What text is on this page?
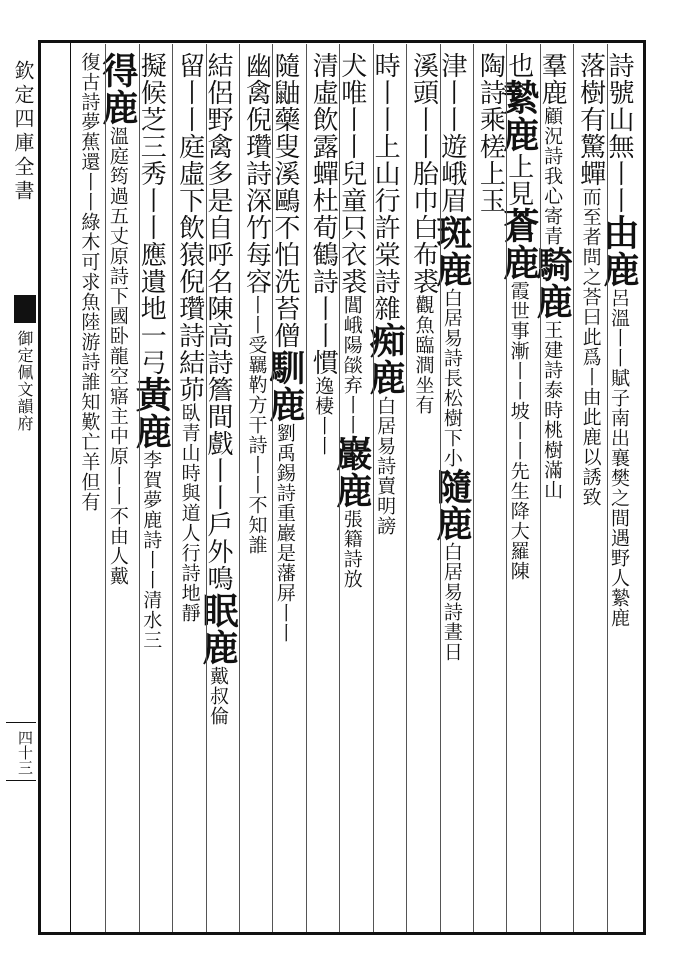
欽定四庫全書
御定佩文韻府
四十三
詩號山無丨丨由鹿呂溫丨丨賦子南出襄樊之間遇野人縶鹿
落樹有驚蟬而至者問之荅曰此爲丨由此鹿以誘致
羣鹿顧況詩我心寄青騎鹿王建詩泰時桃樹滿山
也縶鹿上見蒼鹿霞世事漸丨丨坡丨丨先生降大羅陳
陶詩乘槎上玉
津丨丨遊峨眉斑鹿白居易詩長松樹下小隨鹿白居易詩晝日
溪頭丨丨胎巾白布裘觀魚臨澗坐有
時丨丨上山行許棠詩雜痴鹿白居易詩賣明謗
犬唯丨丨兒童只衣裘閶峨陽燄弃丨丨巖鹿張籍詩放
清虛飲露蟬杜荀鶴詩丨丨慣逸棲丨丨
隨鼬藥叟溪鷗不怕洗苔僧馴鹿劉禹錫詩重巖是藩屏丨丨
幽禽倪瓚詩深竹每容丨丨受羈靮方干詩丨丨不知誰
結侶野禽多是自呼名陳高詩簷間戲丨丨戶外鳴眠鹿戴叔倫
留丨丨庭虛下飲猿倪瓚詩結茆臥青山時與道人行詩地靜
擬候芝三秀丨丨應遺地一弓黃鹿李賀夢鹿詩丨丨清水三
得鹿溫庭筠過五丈原詩下國卧龍空寤主中原丨丨不由人戴
復古詩夢蕉還丨丨綠木可求魚陸游詩誰知歎亡羊但有
